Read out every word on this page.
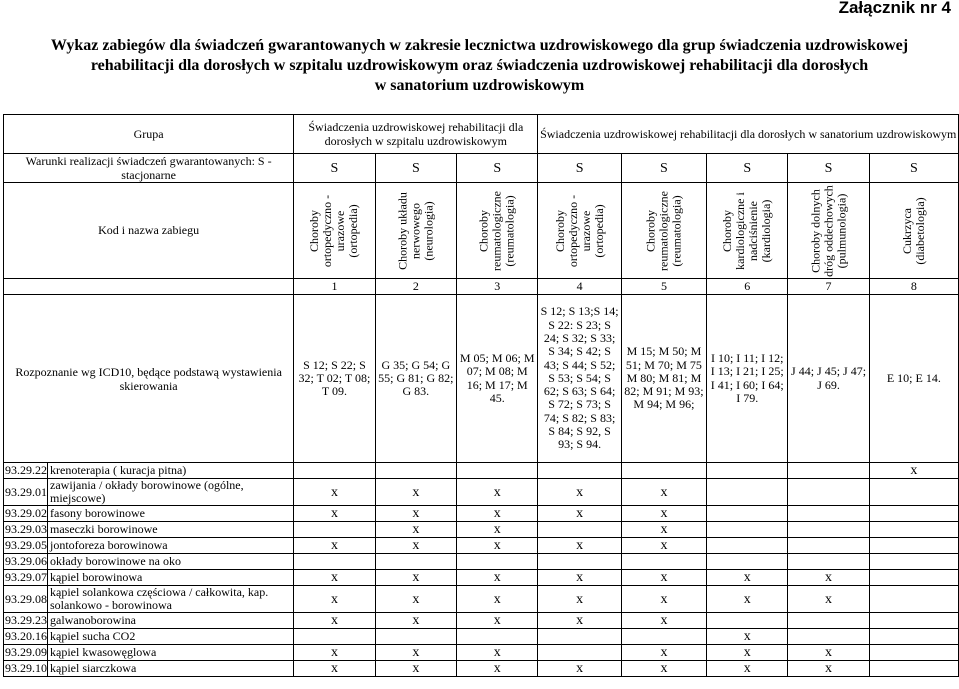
Załącznik nr 4
Wykaz zabiegów dla świadczeń gwarantowanych w zakresie lecznictwa uzdrowiskowego dla grup świadczenia uzdrowiskowej
rehabilitacji dla dorosłych w szpitalu uzdrowiskowym oraz świadczenia uzdrowiskowej rehabilitacji dla dorosłych
w sanatorium uzdrowiskowym
Grupa		Świadczenia uzdrowiskowej rehabilitacji dla dorosłych w szpitalu uzdrowiskowym			Świadczenia uzdrowiskowej rehabilitacji dla dorosłych w sanatorium uzdrowiskowym				
Warunki realizacji świadczeń gwarantowanych: S - stacjonarne		S	S	S	S	S	S	S	S
Kod i nazwa zabiegu		Choroby ortopedyczno - urazowe (ortopedia)	Choroby układu nerwowego (neurologia)	Choroby reumatologiczne (reumatologia)	Choroby ortopedyczno - urazowe (ortopedia)	Choroby reumatologiczne (reumatologia)	Choroby kardiologiczne i nadciśnienie (kardiologia)	Choroby dolnych dróg oddechowych (pulmunologia)	Cukrzyca (diabetologia)

		1	2	3	4	5	6	7	8
Rozpoznanie wg ICD10, będące podstawą wystawienia skierowania		S 12; S 22; S 32; T 02; T 08; T 09.	G 35; G 54; G 55; G 81; G 82; G 83.	M 05; M 06; M 07; M 08; M 16; M 17; M 45.	S 12; S 13;S 14; S 22: S 23; S 24; S 32; S 33; S 34; S 42; S 43; S 44; S 52; S 53; S 54; S 62; S 63; S 64; S 72; S 73; S 74; S 82; S 83; S 84; S 92, S 93; S 94.	M 15; M 50; M 51; M 70; M 75 M 80; M 81; M 82; M 91; M 93; M 94; M 96;	I 10; I 11; I 12; I 13; I 21; I 25; I 41; I 60; I 64; I 79.	J 44; J 45; J 47; J 69.	E 10; E 14.
93.29.22	krenoterapia ( kuracja pitna)								x
93.29.01	zawijania / okłady borowinowe (ogólne, miejscowe)	x	x	x	x	x			
93.29.02	fasony borowinowe	x	x	x	x	x			
93.29.03	maseczki borowinowe		x	x		x			
93.29.05	jontoforeza borowinowa	x	x	x	x	x			
93.29.06	okłady borowinowe na oko								
93.29.07	kąpiel borowinowa	x	x	x	x	x	x	x	
93.29.08	kąpiel solankowa częściowa / całkowita, kap. solankowo - borowinowa	x	x	x	x	x	x	x	
93.29.23	galwanoborowina	x	x	x	x	x			
93.20.16	kąpiel sucha CO2						x		
93.29.09	kąpiel kwasowęglowa	x	x	x		x	x	x	
93.29.10	kąpiel siarczkowa	x	x	x	x	x	x	x	
